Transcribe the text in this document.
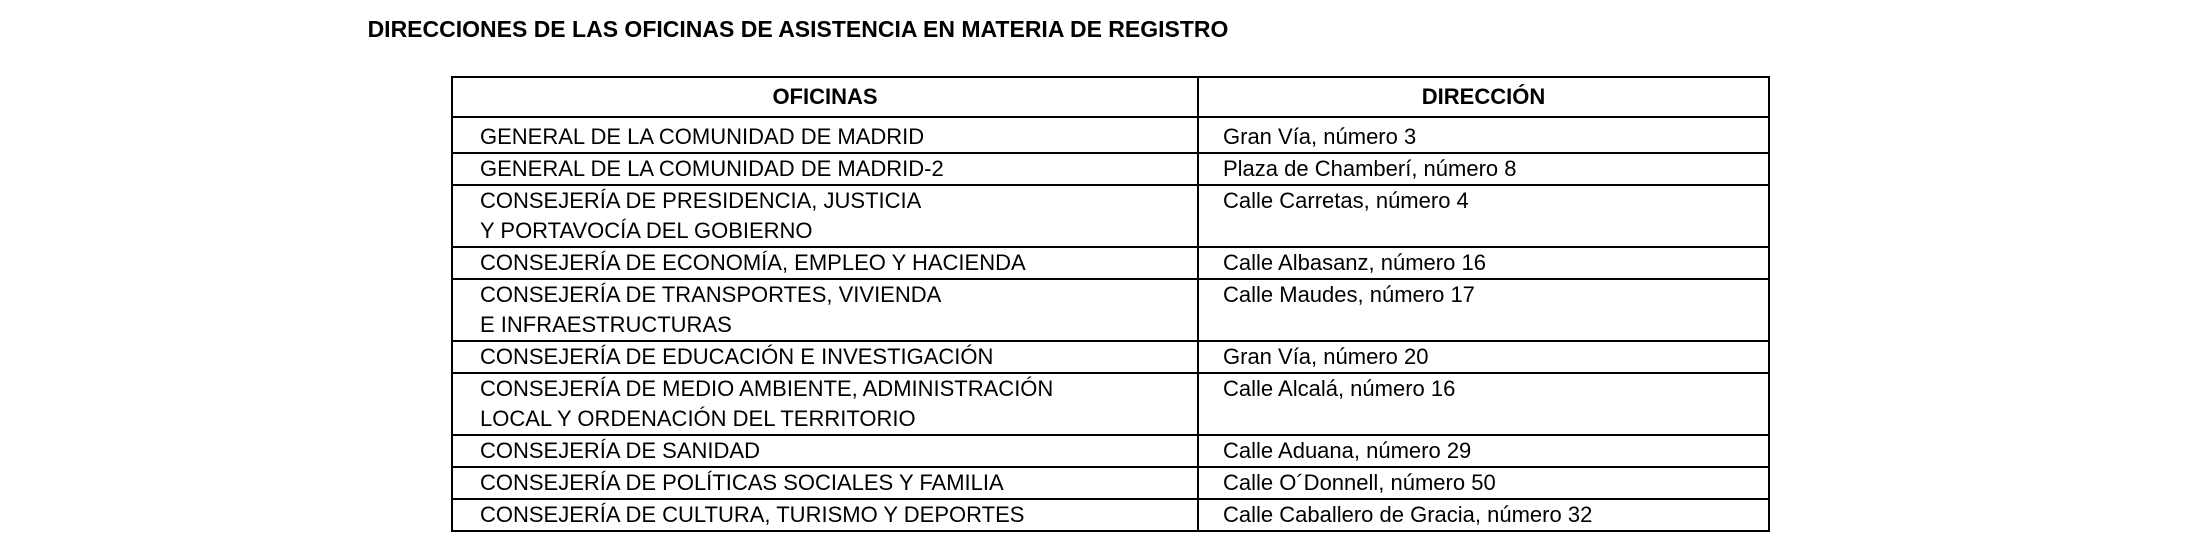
DIRECCIONES DE LAS OFICINAS DE ASISTENCIA EN MATERIA DE REGISTRO
OFICINAS	DIRECCIÓN

GENERAL DE LA COMUNIDAD DE MADRID	Gran Vía, número 3

GENERAL DE LA COMUNIDAD DE MADRID-2	Plaza de Chamberí, número 8

CONSEJERÍA DE PRESIDENCIA, JUSTICIA
Y PORTAVOCÍA DEL GOBIERNO	Calle Carretas, número 4

CONSEJERÍA DE ECONOMÍA, EMPLEO Y HACIENDA	Calle Albasanz, número 16

CONSEJERÍA DE TRANSPORTES, VIVIENDA
E INFRAESTRUCTURAS	Calle Maudes, número 17

CONSEJERÍA DE EDUCACIÓN E INVESTIGACIÓN	Gran Vía, número 20

CONSEJERÍA DE MEDIO AMBIENTE, ADMINISTRACIÓN
LOCAL Y ORDENACIÓN DEL TERRITORIO	Calle Alcalá, número 16

CONSEJERÍA DE SANIDAD	Calle Aduana, número 29

CONSEJERÍA DE POLÍTICAS SOCIALES Y FAMILIA	Calle O´Donnell, número 50

CONSEJERÍA DE CULTURA, TURISMO Y DEPORTES	Calle Caballero de Gracia, número 32
